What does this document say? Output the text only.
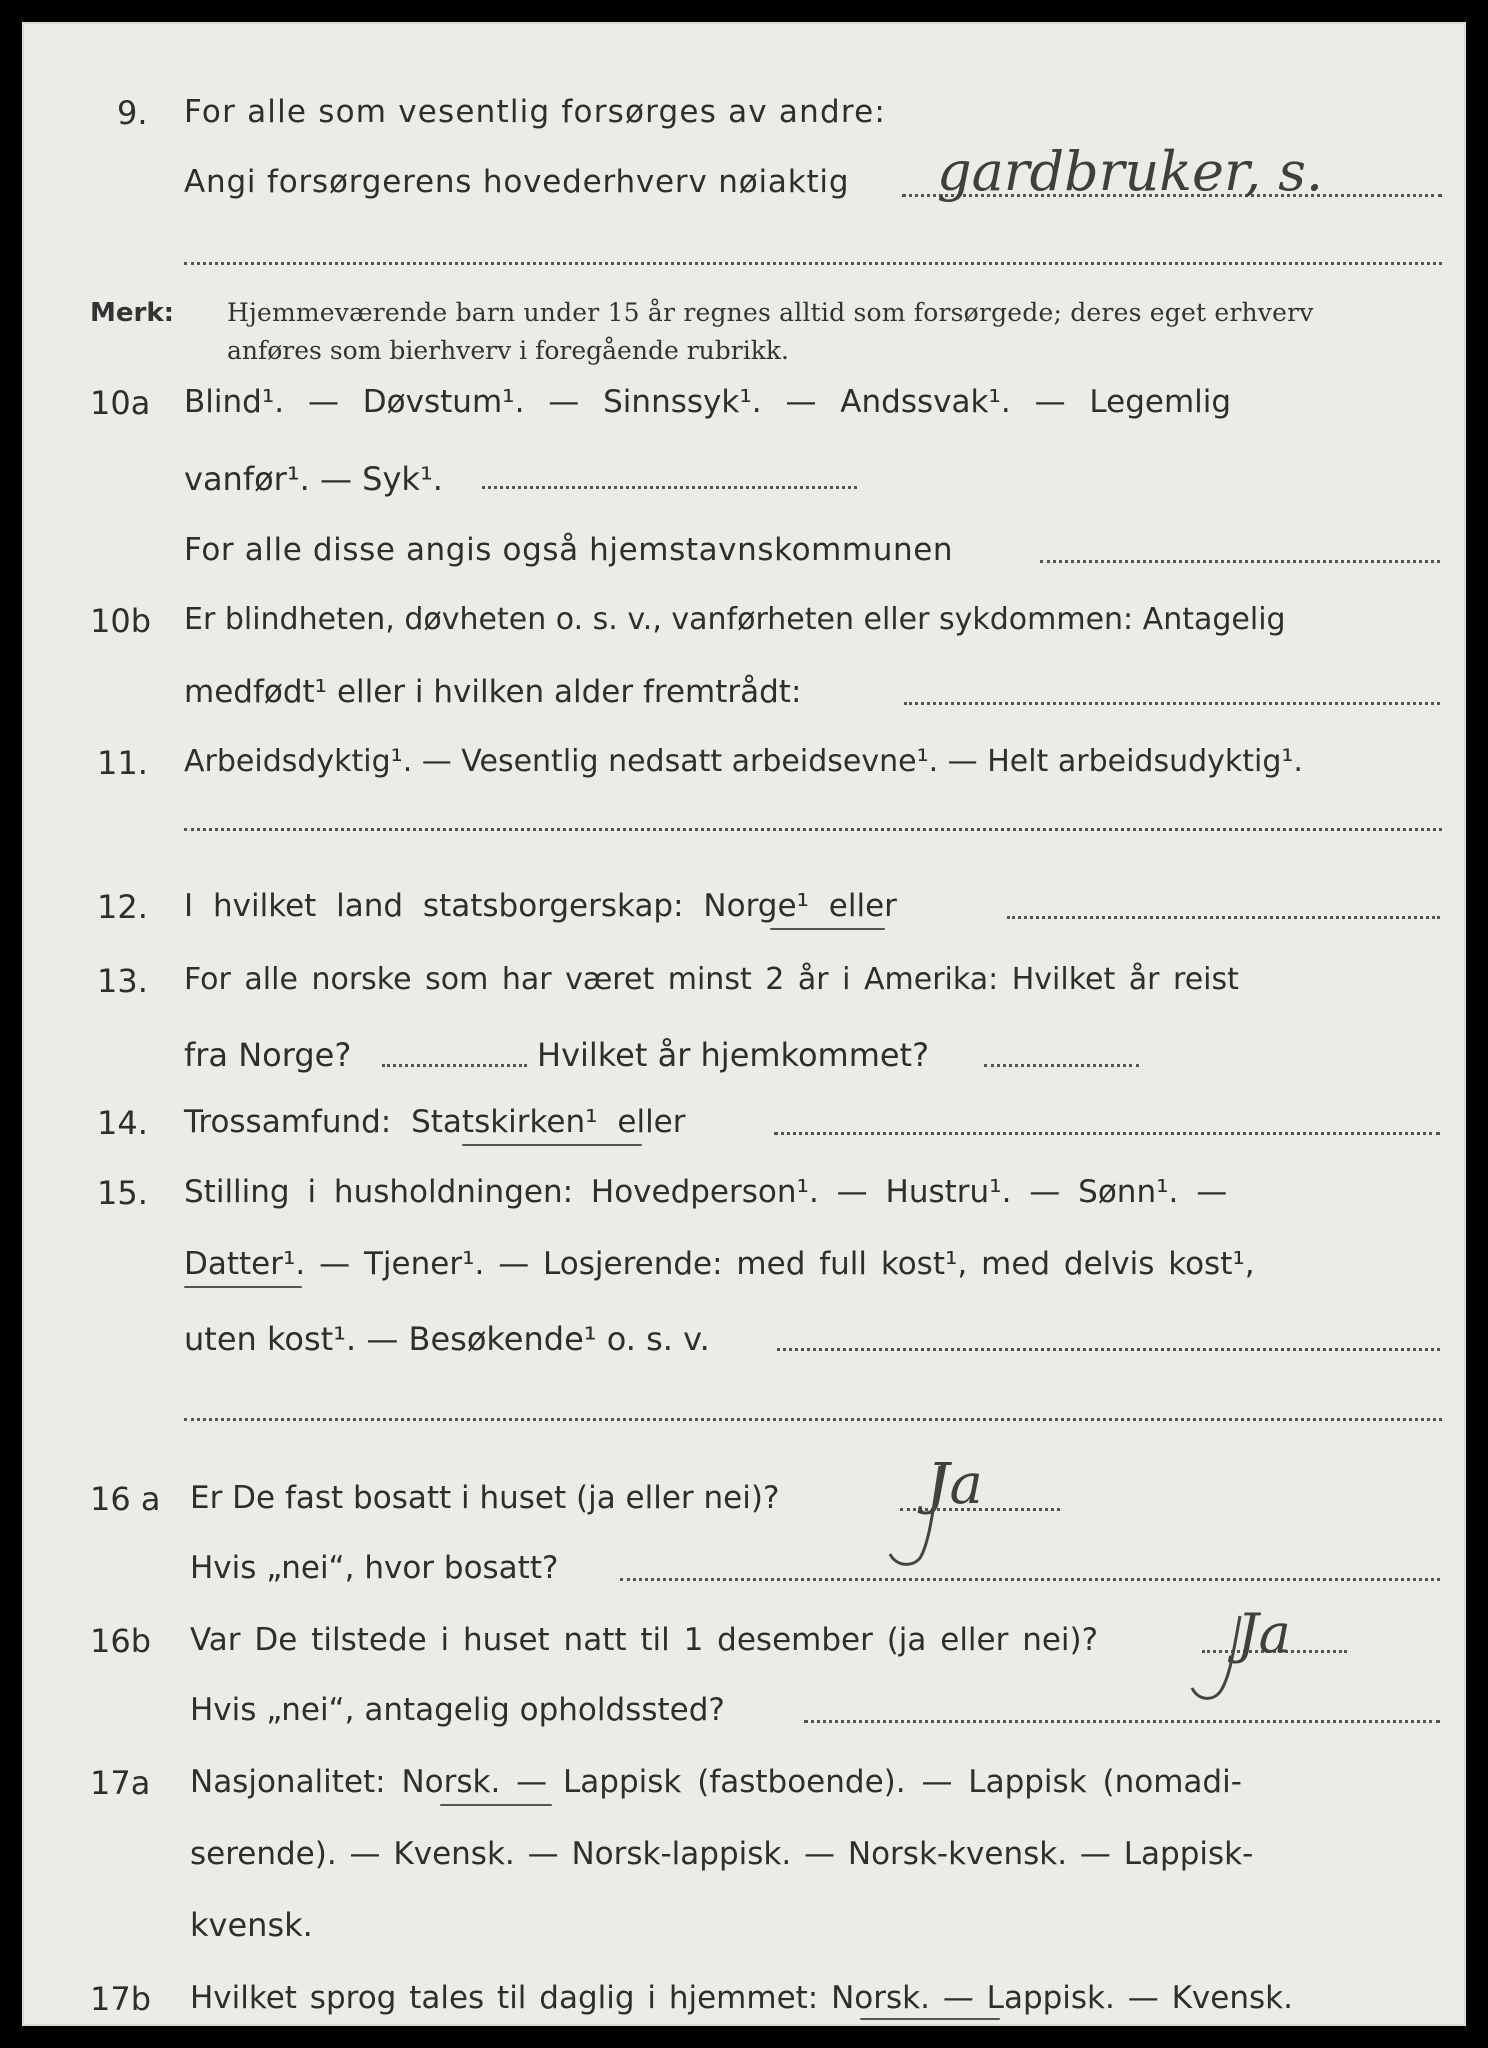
9. For alle som vesentlig forsørges av andre:
Angi forsørgerens hovederhverv nøiaktig gardbruker, s.
Merk: Hjemmeværende barn under 15 år regnes alltid som forsørgede; deres eget erhverv
anføres som bierhverv i foregående rubrikk.
10a Blind¹. — Døvstum¹. — Sinnssyk¹. — Andssvak¹. — Legemlig
vanfør¹. — Syk¹.
For alle disse angis også hjemstavnskommunen
10b Er blindheten, døvheten o. s. v., vanførheten eller sykdommen: Antagelig
medfødt¹ eller i hvilken alder fremtrådt:
11. Arbeidsdyktig¹. — Vesentlig nedsatt arbeidsevne¹. — Helt arbeidsudyktig¹.
12. I hvilket land statsborgerskap: Norge¹ eller
13. For alle norske som har været minst 2 år i Amerika: Hvilket år reist
fra Norge?	Hvilket år hjemkommet?
14. Trossamfund: Statskirken¹ eller
15. Stilling i husholdningen: Hovedperson¹. — Hustru¹. — Sønn¹. —
Datter¹. — Tjener¹. — Losjerende: med full kost¹, med delvis kost¹,
uten kost¹. — Besøkende¹ o. s. v.
16 a Er De fast bosatt i huset (ja eller nei)?	Ja
Hvis „nei“, hvor bosatt?
16b Var De tilstede i huset natt til 1 desember (ja eller nei)?	Ja
Hvis „nei“, antagelig opholdssted?
17a Nasjonalitet: Norsk. — Lappisk (fastboende). — Lappisk (nomadi-
serende). — Kvensk. — Norsk-lappisk. — Norsk-kvensk. — Lappisk-
kvensk.
17b Hvilket sprog tales til daglig i hjemmet: Norsk. — Lappisk. — Kvensk.
